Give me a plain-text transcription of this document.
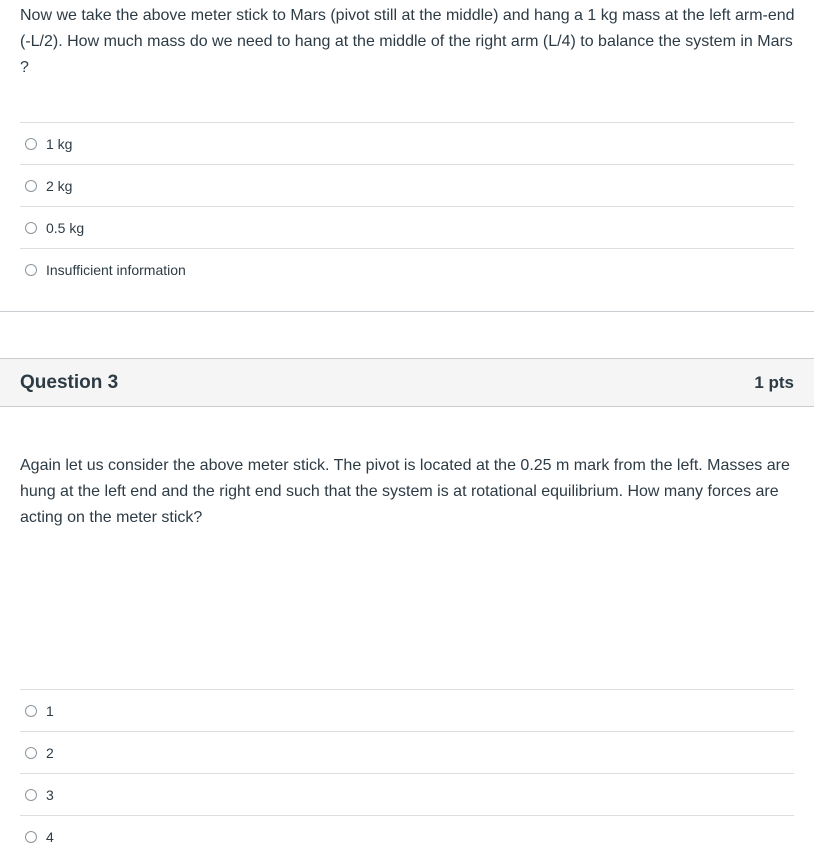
Now we take the above meter stick to Mars (pivot still at the middle) and hang a 1 kg mass at the left arm-end (-L/2). How much mass do we need to hang at the middle of the right arm (L/4) to balance the system in Mars ?

1 kg
2 kg
0.5 kg
Insufficient information
Question 3	1 pts

Again let us consider the above meter stick. The pivot is located at the 0.25 m mark from the left. Masses are hung at the left end and the right end such that the system is at rotational equilibrium. How many forces are acting on the meter stick?

1
2
3
4
